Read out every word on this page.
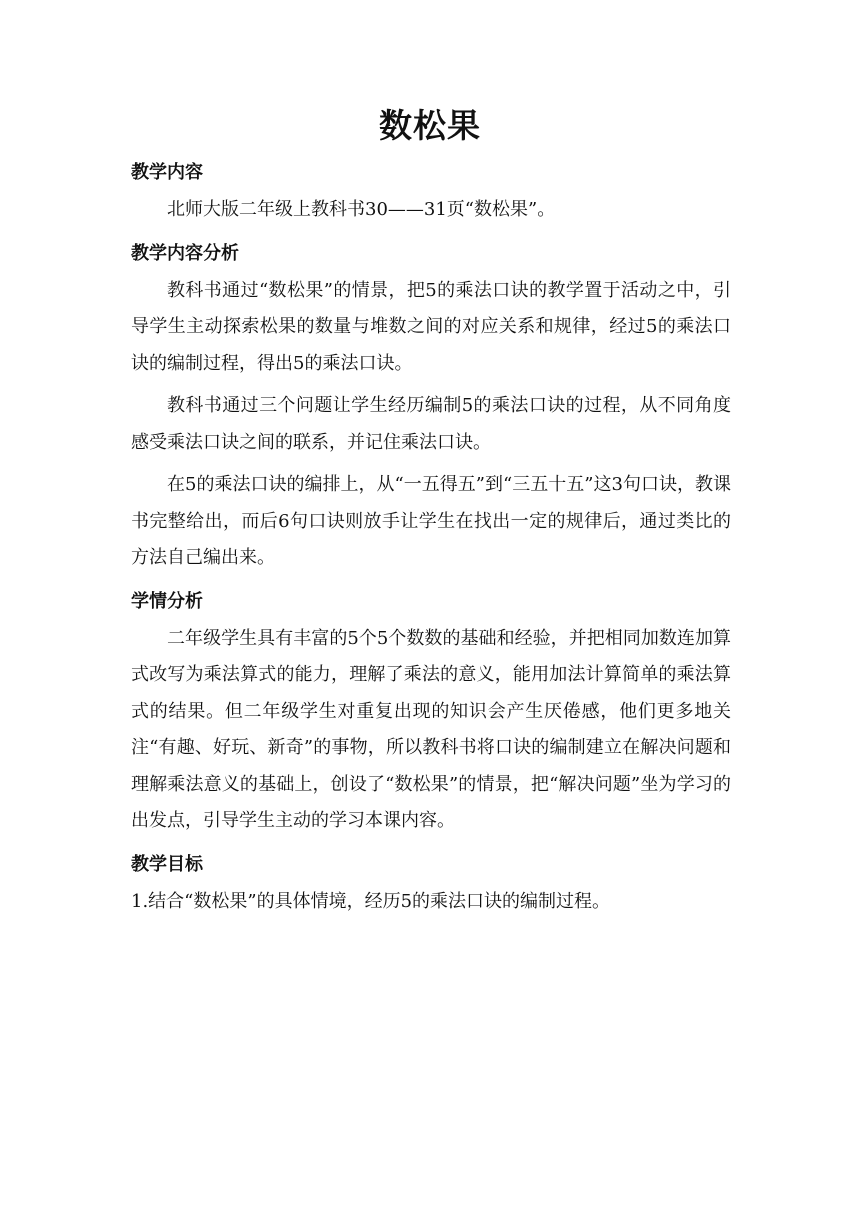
数松果
教学内容

北师大版二年级上教科书30——31页“数松果”。

教学内容分析

教科书通过“数松果”的情景，把5的乘法口诀的教学置于活动之中，引导学生主动探索松果的数量与堆数之间的对应关系和规律，经过5的乘法口诀的编制过程，得出5的乘法口诀。

教科书通过三个问题让学生经历编制5的乘法口诀的过程，从不同角度感受乘法口诀之间的联系，并记住乘法口诀。

在5的乘法口诀的编排上，从“一五得五”到“三五十五”这3句口诀，教课书完整给出，而后6句口诀则放手让学生在找出一定的规律后，通过类比的方法自己编出来。

学情分析

二年级学生具有丰富的5个5个数数的基础和经验，并把相同加数连加算式改写为乘法算式的能力，理解了乘法的意义，能用加法计算简单的乘法算式的结果。但二年级学生对重复出现的知识会产生厌倦感，他们更多地关注“有趣、好玩、新奇”的事物，所以教科书将口诀的编制建立在解决问题和理解乘法意义的基础上，创设了“数松果”的情景，把“解决问题”坐为学习的出发点，引导学生主动的学习本课内容。

教学目标

1.结合“数松果”的具体情境，经历5的乘法口诀的编制过程。
